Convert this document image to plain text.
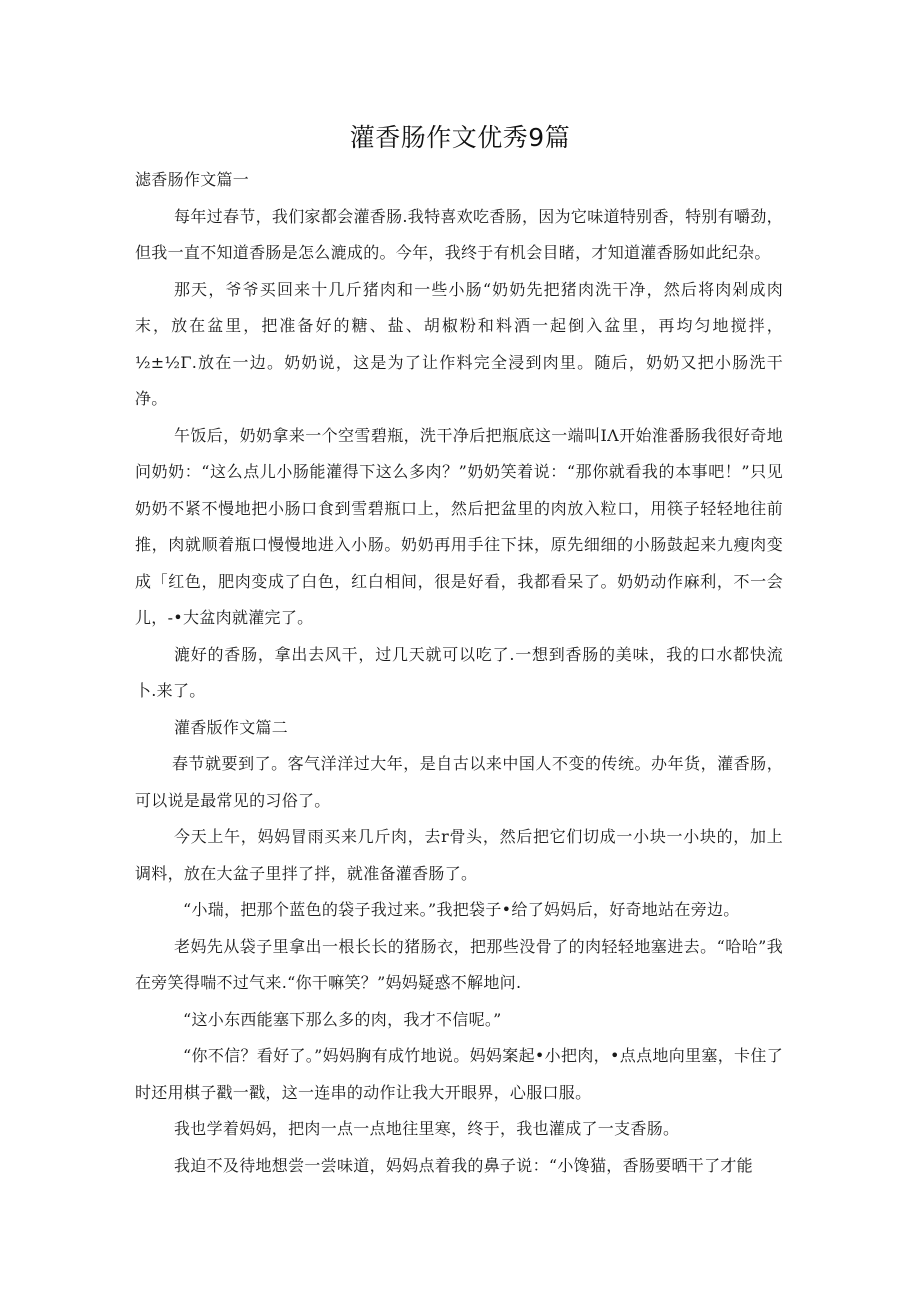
灌香肠作文优秀9篇

滤香肠作文篇一

每年过春节，我们家都会灌香肠.我特喜欢吃香肠，因为它味道特别香，特别有嚼劲，但我一直不知道香肠是怎么漉成的。今年，我终于有机会目睹，才知道灌香肠如此纪杂。

那天，爷爷买回来十几斤猪肉和一些小肠“奶奶先把猪肉洗干净，然后将肉剁成肉末，放在盆里，把准备好的糖、盐、胡椒粉和料酒一起倒入盆里，再均匀地搅拌，½±½Γ.放在一边。奶奶说，这是为了让作料完全浸到肉里。随后，奶奶又把小肠洗干净。

午饭后，奶奶拿来一个空雪碧瓶，洗干净后把瓶底这一端叫IΛ开始淮番肠我很好奇地问奶奶：“这么点儿小肠能灌得下这么多肉？”奶奶笑着说：“那你就看我的本事吧！”只见奶奶不紧不慢地把小肠口食到雪碧瓶口上，然后把盆里的肉放入粒口，用筷子轻轻地往前推，肉就顺着瓶口慢慢地进入小肠。奶奶再用手往下抹，原先细细的小肠鼓起来九瘦肉变成「红色，肥肉变成了白色，红白相间，很是好看，我都看呆了。奶奶动作麻利，不一会儿，-•大盆肉就灌完了。

漉好的香肠，拿出去风干，过几天就可以吃了.一想到香肠的美味，我的口水都快流卜.来了。

灌香版作文篇二

春节就要到了。客气洋洋过大年，是自古以来中国人不变的传统。办年货，灌香肠，可以说是最常见的习俗了。

今天上午，妈妈冒雨买来几斤肉，去r骨头，然后把它们切成一小块一小块的，加上调料，放在大盆子里拌了拌，就准备灌香肠了。

“小瑞，把那个蓝色的袋子我过来。”我把袋子•给了妈妈后，好奇地站在旁边。

老妈先从袋子里拿出一根长长的猪肠衣，把那些没骨了的肉轻轻地塞进去。“哈哈”我在旁笑得喘不过气来.“你干嘛笑？”妈妈疑惑不解地问.

“这小东西能塞下那么多的肉，我才不信呢。”

“你不信？看好了。”妈妈胸有成竹地说。妈妈案起•小把肉，•点点地向里塞，卡住了时还用棋子戳一戳，这一连串的动作让我大开眼界，心服口服。

我也学着妈妈，把肉一点一点地往里寒，终于，我也灌成了一支香肠。

我迫不及待地想尝一尝味道，妈妈点着我的鼻子说：“小馋猫，香肠要晒干了才能
